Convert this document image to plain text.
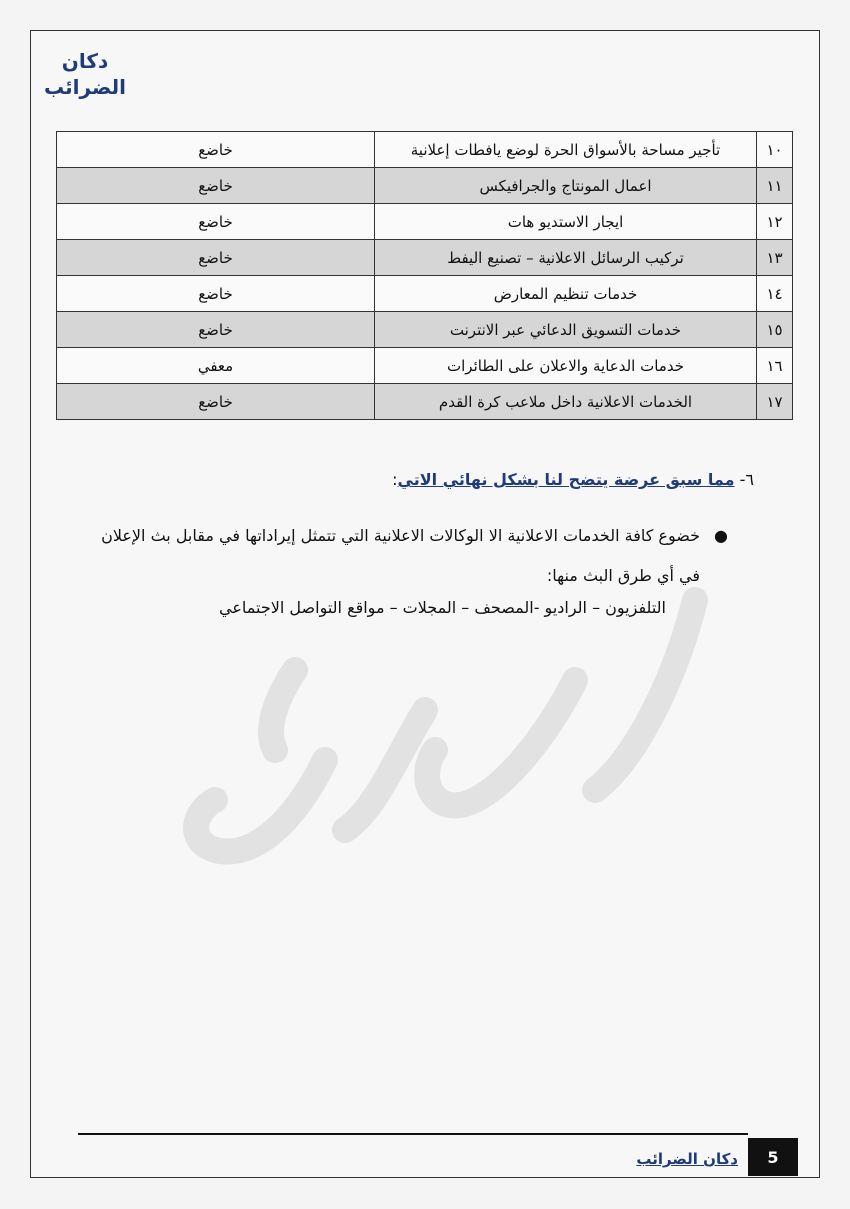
دكان
الضرائب
١٠	تأجير مساحة بالأسواق الحرة لوضع يافطات إعلانية	خاضع
١١	اعمال المونتاج والجرافيكس	خاضع
١٢	ايجار الاستديو هات	خاضع
١٣	تركيب الرسائل الاعلانية – تصنيع اليفط	خاضع
١٤	خدمات تنظيم المعارض	خاضع
١٥	خدمات التسويق الدعائي عبر الانترنت	خاضع
١٦	خدمات الدعاية والاعلان على الطائرات	معفي
١٧	الخدمات الاعلانية داخل ملاعب كرة القدم	خاضع
٦- مما سبق عرضة يتضح لنا بشكل نهائي الاتي:
●
خضوع كافة الخدمات الاعلانية الا الوكالات الاعلانية التي تتمثل إيراداتها في مقابل بث الإعلان في أي طرق البث منها:
التلفزيون – الراديو -المصحف – المجلات – مواقع التواصل الاجتماعي
دكان الضرائب	5
